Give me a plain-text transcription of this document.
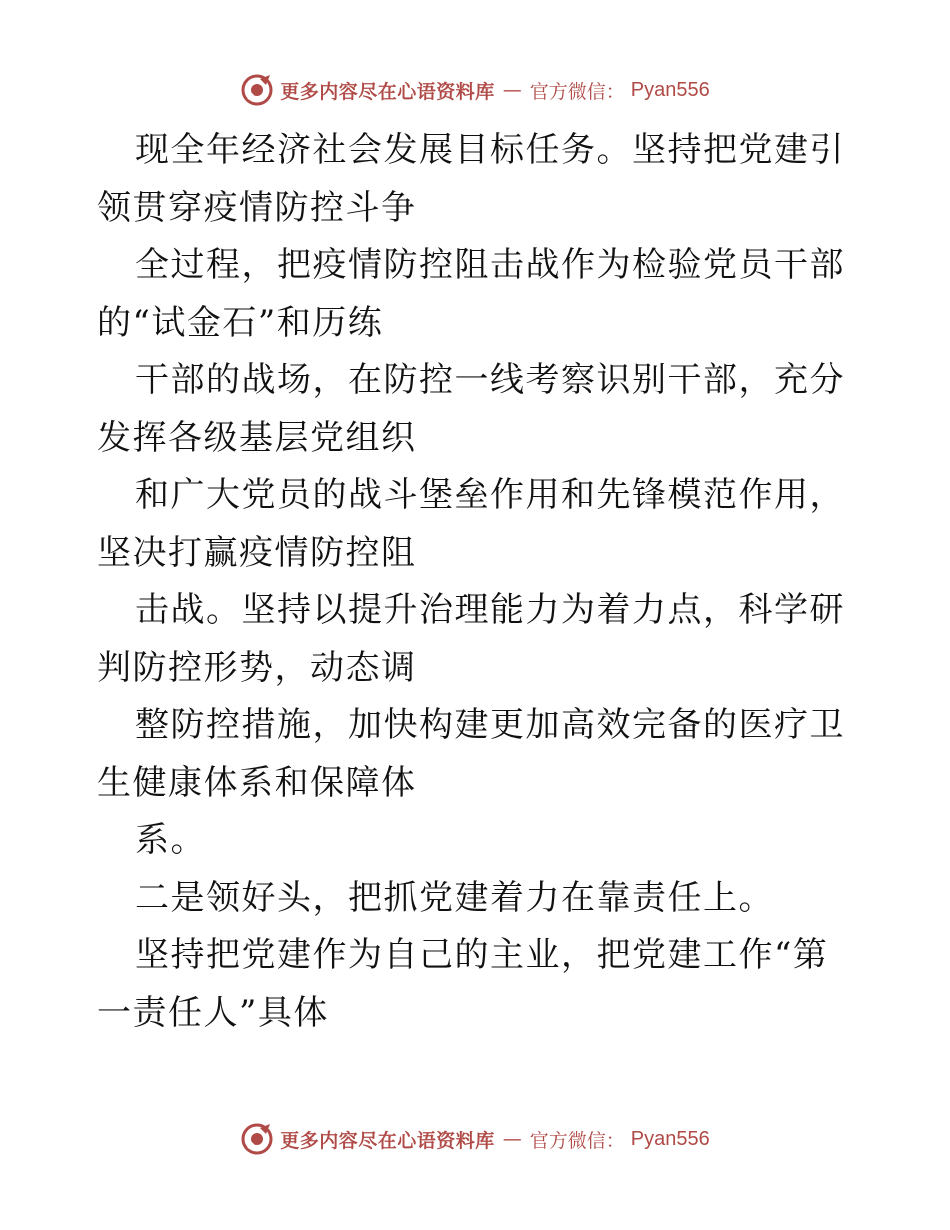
更多内容尽在心语资料库 — 官方微信： Pyan556

现全年经济社会发展目标任务。坚持把党建引领贯穿疫情防控斗争

全过程，把疫情防控阻击战作为检验党员干部的“试金石”和历练

干部的战场，在防控一线考察识别干部，充分发挥各级基层党组织

和广大党员的战斗堡垒作用和先锋模范作用，坚决打赢疫情防控阻

击战。坚持以提升治理能力为着力点，科学研判防控形势，动态调

整防控措施，加快构建更加高效完备的医疗卫生健康体系和保障体

系。

二是领好头，把抓党建着力在靠责任上。

坚持把党建作为自己的主业，把党建工作“第一责任人”具体

更多内容尽在心语资料库 — 官方微信： Pyan556
